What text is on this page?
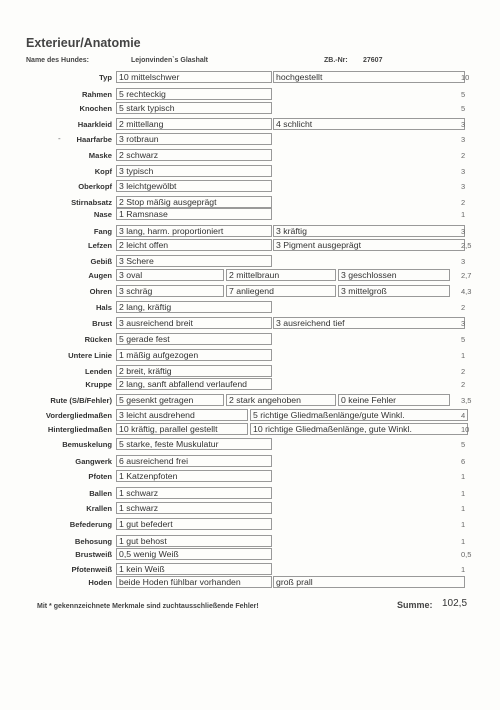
Exterieur/Anatomie
Name des Hundes:	Lejonvinden`s Glashalt	ZB.-Nr: 27607
Typ 10 mittelschwer	hochgestellt	10
Rahmen 5 rechteckig	5
Knochen 5 stark typisch	5
Haarkleid 2 mittellang	4 schlicht	3
- Haarfarbe 3 rotbraun	3
Maske 2 schwarz	2
Kopf 3 typisch	3
Oberkopf 3 leichtgewölbt	3
Stirnabsatz 2 Stop mäßig ausgeprägt	2
Nase 1 Ramsnase	1
Fang 3 lang, harm. proportioniert	3 kräftig	3
Lefzen 2 leicht offen	3 Pigment ausgeprägt	2,5
Gebiß 3 Schere	3
Augen 3 oval	2 mittelbraun	3 geschlossen	2,7
Ohren 3 schräg	7 anliegend	3 mittelgroß	4,3
Hals 2 lang, kräftig	2
Brust 3 ausreichend breit	3 ausreichend tief	3
Rücken 5 gerade fest	5
Untere Linie 1 mäßig aufgezogen	1
Lenden 2 breit, kräftig	2
Kruppe 2 lang, sanft abfallend verlaufend	2
Rute (S/B/Fehler) 5 gesenkt getragen	2 stark angehoben	0 keine Fehler	3,5
Vordergliedmaßen 3 leicht ausdrehend	5 richtige Gliedmaßenlänge/gute Winkl.	4
Hintergliedmaßen 10 kräftig, parallel gestellt	10 richtige Gliedmaßenlänge, gute Winkl.	10
Bemuskelung 5 starke, feste Muskulatur	5
Gangwerk 6 ausreichend frei	6
Pfoten 1 Katzenpfoten	1
Ballen 1 schwarz	1
Krallen 1 schwarz	1
Befederung 1 gut befedert	1
Behosung 1 gut behost	1
Brustweiß 0,5 wenig Weiß	0,5
Pfotenweiß 1 kein Weiß	1
Hoden beide Hoden fühlbar vorhanden	groß prall
Mit * gekennzeichnete Merkmale sind zuchtausschließende Fehler!	Summe: 102,5
